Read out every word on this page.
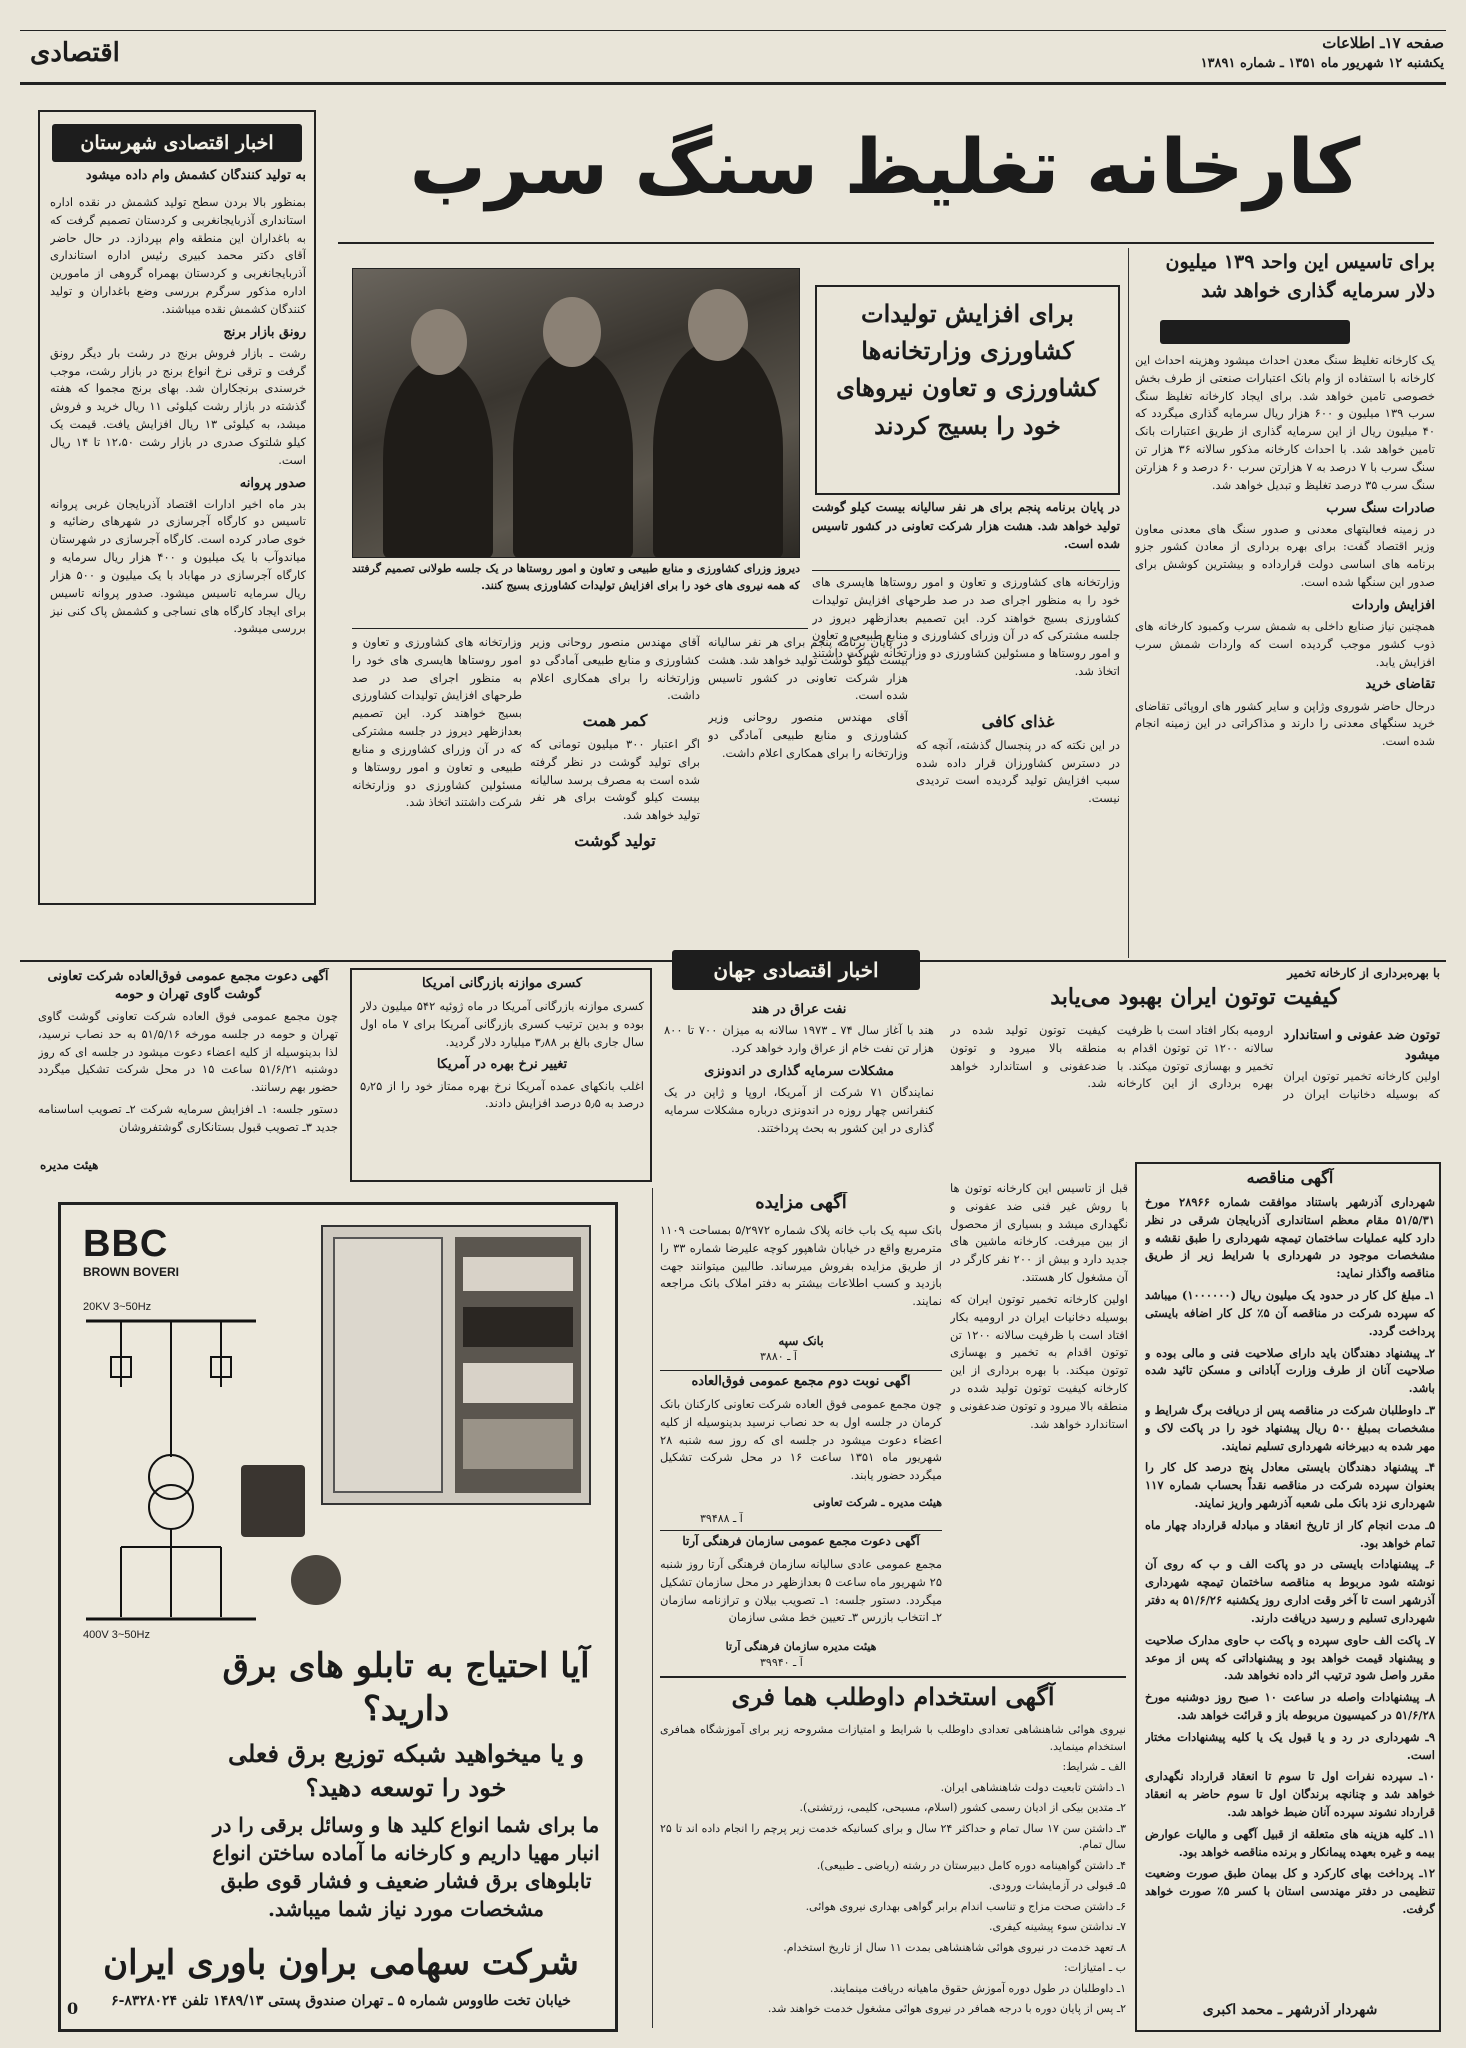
اقتصادی	صفحه ۱۷ـ اطلاعات
یکشنبه ۱۲ شهریور ماه ۱۳۵۱ ـ شماره ۱۳۸۹۱
کارخانه تغلیظ سنگ سرب
برای تاسیس این واحد ۱۳۹ میلیون دلار سرمایه گذاری خواهد شد

یک کارخانه تغلیظ سنگ معدن احداث میشود وهزینه احداث این کارخانه با استفاده از وام بانک اعتبارات صنعتی از طرف بخش خصوصی تامین خواهد شد. برای ایجاد کارخانه تغلیظ سنگ سرب ۱۳۹ میلیون و ۶۰۰ هزار ریال سرمایه گذاری میگردد که ۴۰ میلیون ریال از این سرمایه گذاری از طریق اعتبارات بانک تامین خواهد شد. با احداث کارخانه مذکور سالانه ۳۶ هزار تن سنگ سرب با ۷ درصد به ۷ هزارتن سرب ۶۰ درصد و ۶ هزارتن سنگ سرب ۳۵ درصد تغلیظ و تبدیل خواهد شد.

صادرات سنگ سرب

در زمینه فعالیتهای معدنی و صدور سنگ های معدنی معاون وزیر اقتصاد گفت: برای بهره برداری از معادن کشور جزو برنامه های اساسی دولت قرارداده و بیشترین کوشش برای صدور این سنگها شده است.

افزایش واردات

همچنین نیاز صنایع داخلی به شمش سرب وکمبود کارخانه های ذوب کشور موجب گردیده است که واردات شمش سرب افزایش یابد.

تقاضای خرید

درحال حاضر شوروی وژاپن و سایر کشور های اروپائی تقاضای خرید سنگهای معدنی را دارند و مذاکراتی در این زمینه انجام شده است.

دیروز وزرای کشاورزی و منابع طبیعی و تعاون و امور روستاها در یک جلسه طولانی تصمیم گرفتند که همه نیروی های خود را برای افزایش تولیدات کشاورزی بسیج کنند.
برای افزایش تولیدات کشاورزی وزارتخانه‌ها کشاورزی و تعاون نیروهای خود را بسیج کردند
در پایان برنامه پنجم برای هر نفر سالیانه بیست کیلو گوشت تولید خواهد شد. هشت هزار شرکت تعاونی در کشور تاسیس شده است.
وزارتخانه های کشاورزی و تعاون و امور روستاها هایسری های خود را به منظور اجرای صد در صد طرحهای افزایش تولیدات کشاورزی بسیج خواهند کرد. این تصمیم بعدازظهر دیروز در جلسه مشترکی که در آن وزرای کشاورزی و منابع طبیعی و تعاون و امور روستاها و مسئولین کشاورزی دو وزارتخانه شرکت داشتند اتخاذ شد.

وزارتخانه های کشاورزی و تعاون و امور روستاها هایسری های خود را به منظور اجرای صد در صد طرحهای افزایش تولیدات کشاورزی بسیج خواهند کرد. این تصمیم بعدازظهر دیروز در جلسه مشترکی که در آن وزرای کشاورزی و منابع طبیعی و تعاون و امور روستاها و مسئولین کشاورزی دو وزارتخانه شرکت داشتند اتخاذ شد.

آقای مهندس منصور روحانی وزیر کشاورزی و منابع طبیعی آمادگی دو وزارتخانه را برای همکاری اعلام داشت.

کمر همت

اگر اعتبار ۳۰۰ میلیون تومانی که برای تولید گوشت در نظر گرفته شده است به مصرف برسد سالیانه بیست کیلو گوشت برای هر نفر تولید خواهد شد.

تولید گوشت

در پایان برنامه پنجم برای هر نفر سالیانه بیست کیلو گوشت تولید خواهد شد. هشت هزار شرکت تعاونی در کشور تاسیس شده است.

آقای مهندس منصور روحانی وزیر کشاورزی و منابع طبیعی آمادگی دو وزارتخانه را برای همکاری اعلام داشت.

غذای کافی

در این نکته که در پنجسال گذشته، آنچه که در دسترس کشاورزان قرار داده شده سبب افزایش تولید گردیده است تردیدی نیست.

اخبار اقتصادی شهرستان
به تولید کنندگان کشمش وام داده میشود

بمنظور بالا بردن سطح تولید کشمش در نقده اداره استانداری آذربایجانغربی و کردستان تصمیم گرفت که به باغداران این منطقه وام بپردازد. در حال حاضر آقای دکتر محمد کبیری رئیس اداره استانداری آذربایجانغربی و کردستان بهمراه گروهی از مامورین اداره مذکور سرگرم بررسی وضع باغداران و تولید کنندگان کشمش نقده میباشند.

رونق بازار برنج

رشت ـ بازار فروش برنج در رشت بار دیگر رونق گرفت و ترقی نرخ انواع برنج در بازار رشت، موجب خرسندی برنجکاران شد. بهای برنج مجموا که هفته گذشته در بازار رشت کیلوئی ۱۱ ریال خرید و فروش میشد، به کیلوئی ۱۳ ریال افزایش یافت. قیمت یک کیلو شلتوک صدری در بازار رشت ۱۲،۵۰ تا ۱۴ ریال است.

صدور پروانه

بدر ماه اخیر ادارات اقتصاد آذربایجان غربی پروانه تاسیس دو کارگاه آجرسازی در شهرهای رضائیه و خوی صادر کرده است. کارگاه آجرسازی در شهرستان میاندوآب با یک میلیون و ۴۰۰ هزار ریال سرمایه و کارگاه آجرسازی در مهاباد با یک میلیون و ۵۰۰ هزار ریال سرمایه تاسیس میشود. صدور پروانه تاسیس برای ایجاد کارگاه های نساجی و کشمش پاک کنی نیز بررسی میشود.

آگهی دعوت مجمع عمومی فوق‌العاده شرکت تعاونی گوشت گاوی تهران و حومه

چون مجمع عمومی فوق العاده شرکت تعاونی گوشت گاوی تهران و حومه در جلسه مورخه ۵۱/۵/۱۶ به حد نصاب نرسید، لذا بدینوسیله از کلیه اعضاء دعوت میشود در جلسه ای که روز دوشنبه ۵۱/۶/۲۱ ساعت ۱۵ در محل شرکت تشکیل میگردد حضور بهم رسانند.

دستور جلسه: ۱ـ افزایش سرمایه شرکت ۲ـ تصویب اساسنامه جدید ۳ـ تصویب قبول بستانکاری گوشتفروشان

هیئت مدیره
کسری موازنه بازرگانی آمریکا

کسری موازنه بازرگانی آمریکا در ماه ژوئیه ۵۴۲ میلیون دلار بوده و بدین ترتیب کسری بازرگانی آمریکا برای ۷ ماه اول سال جاری بالغ بر ۳٫۸۸ میلیارد دلار گردید.

تغییر نرخ بهره در آمریکا

اغلب بانکهای عمده آمریکا نرخ بهره ممتاز خود را از ۵٫۲۵ درصد به ۵٫۵ درصد افزایش دادند.

اخبار اقتصادی جهان
نفت عراق در هند

هند با آغاز سال ۷۴ ـ ۱۹۷۳ سالانه به میزان ۷۰۰ تا ۸۰۰ هزار تن نفت خام از عراق وارد خواهد کرد.

مشکلات سرمایه گذاری در اندونزی

نمایندگان ۷۱ شرکت از آمریکا، اروپا و ژاپن در یک کنفرانس چهار روزه در اندونزی درباره مشکلات سرمایه گذاری در این کشور به بحث پرداختند.

با بهره‌برداری از کارخانه تخمیر
کیفیت توتون ایران بهبود می‌یابد
توتون ضد عفونی و استاندارد میشود

اولین کارخانه تخمیر توتون ایران که بوسیله دخانیات ایران در ارومیه بکار افتاد است با ظرفیت سالانه ۱۲۰۰ تن توتون اقدام به تخمیر و بهسازی توتون میکند. با بهره برداری از این کارخانه کیفیت توتون تولید شده در منطقه بالا میرود و توتون ضدعفونی و استاندارد خواهد شد.

قبل از تاسیس این کارخانه توتون ها با روش غیر فنی ضد عفونی و نگهداری میشد و بسیاری از محصول از بین میرفت. کارخانه ماشین های جدید دارد و بیش از ۲۰۰ نفر کارگر در آن مشغول کار هستند.

اولین کارخانه تخمیر توتون ایران که بوسیله دخانیات ایران در ارومیه بکار افتاد است با ظرفیت سالانه ۱۲۰۰ تن توتون اقدام به تخمیر و بهسازی توتون میکند. با بهره برداری از این کارخانه کیفیت توتون تولید شده در منطقه بالا میرود و توتون ضدعفونی و استاندارد خواهد شد.

آگهی مناقصه

شهرداری آذرشهر باستناد موافقت شماره ۲۸۹۶۶ مورخ ۵۱/۵/۳۱ مقام معظم استانداری آذربایجان شرقی در نظر دارد کلیه عملیات ساختمان تیمچه شهرداری را طبق نقشه و مشخصات موجود در شهرداری با شرایط زیر از طریق مناقصه واگذار نماید:

۱ـ مبلغ کل کار در حدود یک میلیون ریال (۱۰۰۰۰۰۰) میباشد که سپرده شرکت در مناقصه آن ۵٪ کل کار اضافه بایستی پرداخت گردد.

۲ـ پیشنهاد دهندگان باید دارای صلاحیت فنی و مالی بوده و صلاحیت آنان از طرف وزارت آبادانی و مسکن تائید شده باشد.

۳ـ داوطلبان شرکت در مناقصه پس از دریافت برگ شرایط و مشخصات بمبلغ ۵۰۰ ریال پیشنهاد خود را در پاکت لاک و مهر شده به دبیرخانه شهرداری تسلیم نمایند.

۴ـ پیشنهاد دهندگان بایستی معادل پنج درصد کل کار را بعنوان سپرده شرکت در مناقصه نقداً بحساب شماره ۱۱۷ شهرداری نزد بانک ملی شعبه آذرشهر واریز نمایند.

۵ـ مدت انجام کار از تاریخ انعقاد و مبادله قرارداد چهار ماه تمام خواهد بود.

۶ـ پیشنهادات بایستی در دو پاکت الف و ب که روی آن نوشته شود مربوط به مناقصه ساختمان تیمچه شهرداری آذرشهر است تا آخر وقت اداری روز یکشنبه ۵۱/۶/۲۶ به دفتر شهرداری تسلیم و رسید دریافت دارند.

۷ـ پاکت الف حاوی سپرده و پاکت ب حاوی مدارک صلاحیت و پیشنهاد قیمت خواهد بود و پیشنهاداتی که پس از موعد مقرر واصل شود ترتیب اثر داده نخواهد شد.

۸ـ پیشنهادات واصله در ساعت ۱۰ صبح روز دوشنبه مورخ ۵۱/۶/۲۸ در کمیسیون مربوطه باز و قرائت خواهد شد.

۹ـ شهرداری در رد و یا قبول یک یا کلیه پیشنهادات مختار است.

۱۰ـ سپرده نفرات اول تا سوم تا انعقاد قرارداد نگهداری خواهد شد و چنانچه برندگان اول تا سوم حاضر به انعقاد قرارداد نشوند سپرده آنان ضبط خواهد شد.

۱۱ـ کلیه هزینه های متعلقه از قبیل آگهی و مالیات عوارض بیمه و غیره بعهده پیمانکار و برنده مناقصه خواهد بود.

۱۲ـ پرداخت بهای کارکرد و کل بیمان طبق صورت وضعیت تنظیمی در دفتر مهندسی استان با کسر ۵٪ صورت خواهد گرفت.

شهردار آذرشهر ـ محمد اکبری
آگهی مزایده
بانک سپه یک باب خانه پلاک شماره ۵/۲۹۷۲ بمساحت ۱۱۰۹ مترمربع واقع در خیابان شاهپور کوچه علیرضا شماره ۳۳ را از طریق مزایده بفروش میرساند. طالبین میتوانند جهت بازدید و کسب اطلاعات بیشتر به دفتر املاک بانک مراجعه نمایند.
بانک سپه
آ ـ ۳۸۸۰
آگهی نوبت دوم مجمع عمومی فوق‌العاده
چون مجمع عمومی فوق العاده شرکت تعاونی کارکنان بانک کرمان در جلسه اول به حد نصاب نرسید بدینوسیله از کلیه اعضاء دعوت میشود در جلسه ای که روز سه شنبه ۲۸ شهریور ماه ۱۳۵۱ ساعت ۱۶ در محل شرکت تشکیل میگردد حضور یابند.
هیئت مدیره ـ شرکت تعاونی
آ ـ ۳۹۴۸۸
آگهی دعوت مجمع عمومی سازمان فرهنگی آرتا
مجمع عمومی عادی سالیانه سازمان فرهنگی آرتا روز شنبه ۲۵ شهریور ماه ساعت ۵ بعدازظهر در محل سازمان تشکیل میگردد. دستور جلسه: ۱ـ تصویب بیلان و ترازنامه سازمان ۲ـ انتخاب بازرس ۳ـ تعیین خط مشی سازمان
هیئت مدیره سازمان فرهنگی آرتا
آ ـ ۳۹۹۴۰
آگهی استخدام داوطلب هما فری

نیروی هوائی شاهنشاهی تعدادی داوطلب با شرایط و امتیازات مشروحه زیر برای آموزشگاه همافری استخدام مینماید.

الف ـ شرایط:

۱ـ داشتن تابعیت دولت شاهنشاهی ایران.

۲ـ متدین بیکی از ادیان رسمی کشور (اسلام، مسیحی، کلیمی، زرتشتی).

۳ـ داشتن سن ۱۷ سال تمام و حداکثر ۲۴ سال و برای کسانیکه خدمت زیر پرچم را انجام داده اند تا ۲۵ سال تمام.

۴ـ داشتن گواهینامه دوره کامل دبیرستان در رشته (ریاضی ـ طبیعی).

۵ـ قبولی در آزمایشات ورودی.

۶ـ داشتن صحت مزاج و تناسب اندام برابر گواهی بهداری نیروی هوائی.

۷ـ نداشتن سوء پیشینه کیفری.

۸ـ تعهد خدمت در نیروی هوائی شاهنشاهی بمدت ۱۱ سال از تاریخ استخدام.

ب ـ امتیازات:

۱ـ داوطلبان در طول دوره آموزش حقوق ماهیانه دریافت مینمایند.

۲ـ پس از پایان دوره با درجه همافر در نیروی هوائی مشغول خدمت خواهند شد.

BBC
BROWN BOVERI
20KV 3~50Hz
400V 3~50Hz
آیا احتیاج به تابلو های برق دارید؟
و یا میخواهید شبکه توزیع برق فعلی خود را توسعه دهید؟
ما برای شما انواع کلید ها و وسائل برقی را در انبار مهیا داریم و کارخانه ما آماده ساختن انواع تابلوهای برق فشار ضعیف و فشار قوی طبق مشخصات مورد نیاز شما میباشد.
شرکت سهامی براون باوری ایران
خیابان تخت طاووس شماره ۵ ـ تهران صندوق پستی ۱۴۸۹/۱۳ تلفن ۸۳۲۸۰۲۴-۶
0
